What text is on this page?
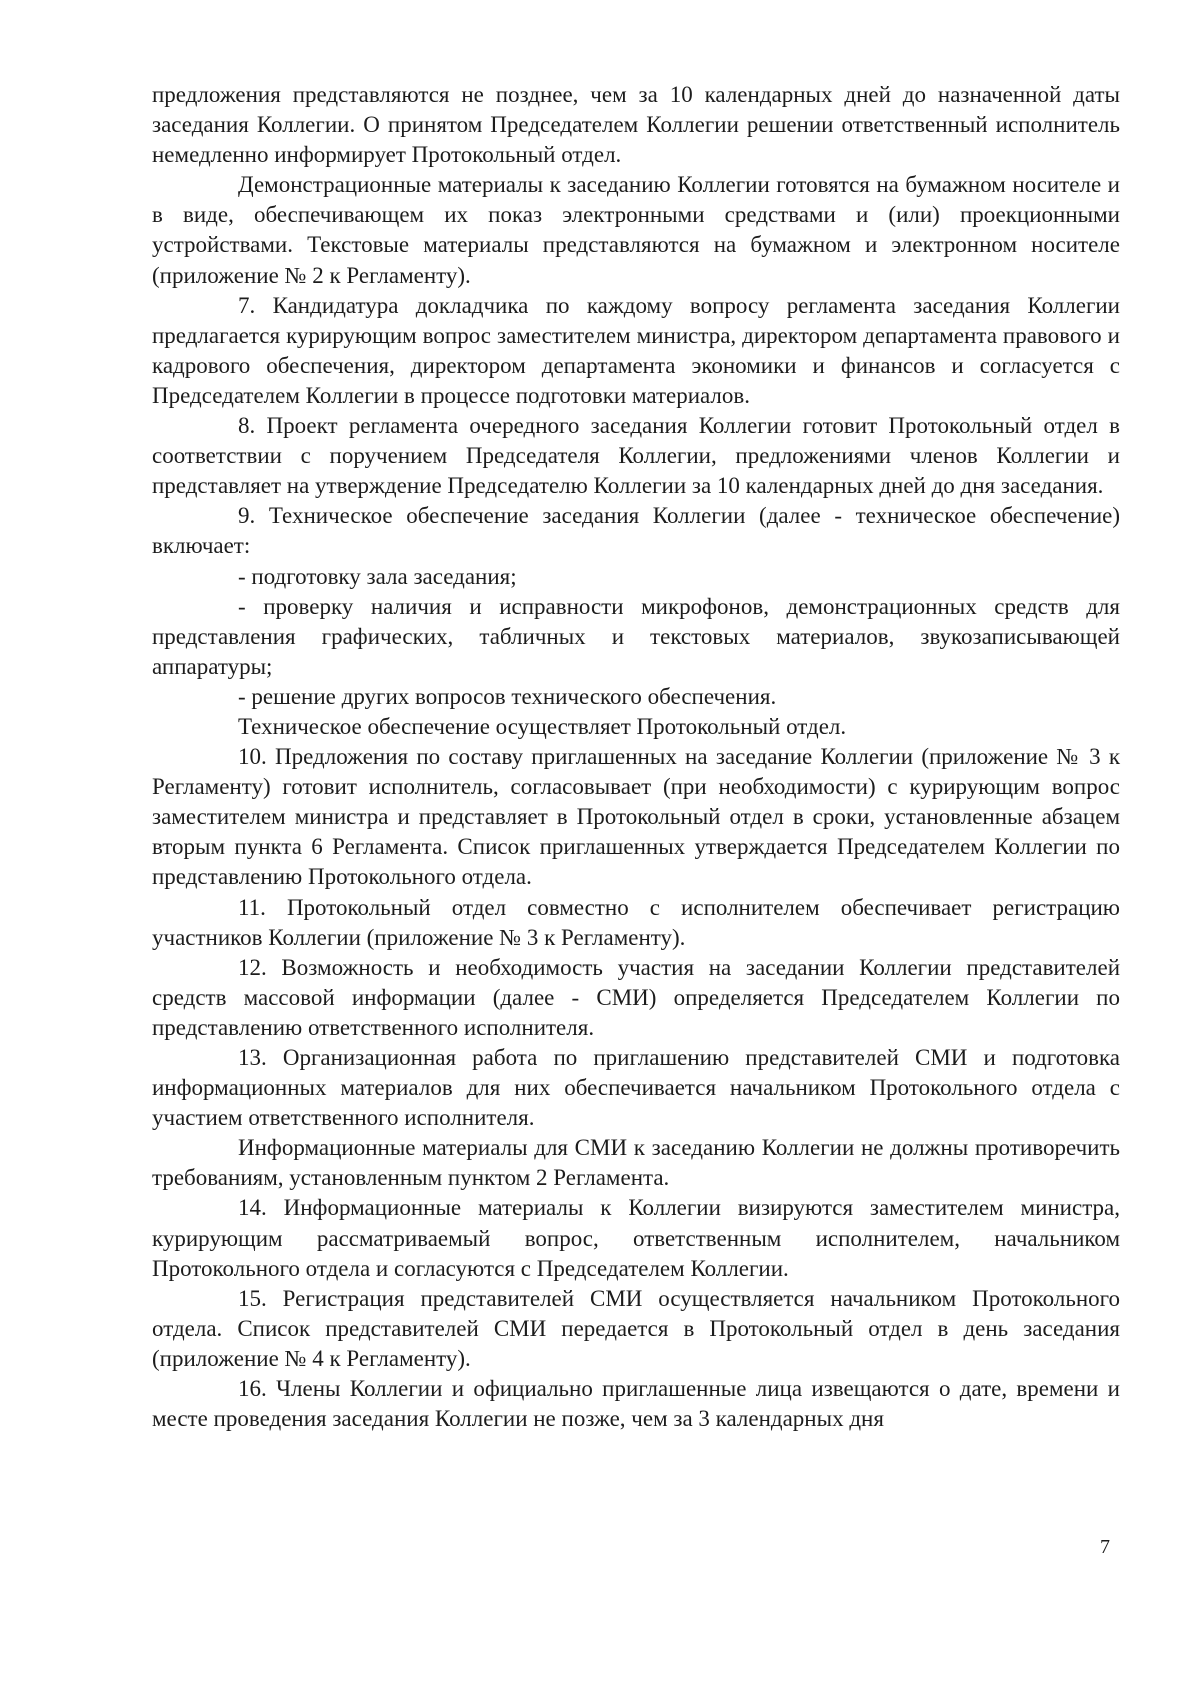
предложения представляются не позднее, чем за 10 календарных дней до назначенной даты заседания Коллегии. О принятом Председателем Коллегии решении ответственный исполнитель немедленно информирует Протокольный отдел.

Демонстрационные материалы к заседанию Коллегии готовятся на бумажном носителе и в виде, обеспечивающем их показ электронными средствами и (или) проекционными устройствами. Текстовые материалы представляются на бумажном и электронном носителе (приложение № 2 к Регламенту).

7. Кандидатура докладчика по каждому вопросу регламента заседания Коллегии предлагается курирующим вопрос заместителем министра, директором департамента правового и кадрового обеспечения, директором департамента экономики и финансов и согласуется с Председателем Коллегии в процессе подготовки материалов.

8. Проект регламента очередного заседания Коллегии готовит Протокольный отдел в соответствии с поручением Председателя Коллегии, предложениями членов Коллегии и представляет на утверждение Председателю Коллегии за 10 календарных дней до дня заседания.

9. Техническое обеспечение заседания Коллегии (далее - техническое обеспечение) включает:

- подготовку зала заседания;

- проверку наличия и исправности микрофонов, демонстрационных средств для представления графических, табличных и текстовых материалов, звукозаписывающей аппаратуры;

- решение других вопросов технического обеспечения.

Техническое обеспечение осуществляет Протокольный отдел.

10. Предложения по составу приглашенных на заседание Коллегии (приложение № 3 к Регламенту) готовит исполнитель, согласовывает (при необходимости) с курирующим вопрос заместителем министра и представляет в Протокольный отдел в сроки, установленные абзацем вторым пункта 6 Регламента. Список приглашенных утверждается Председателем Коллегии по представлению Протокольного отдела.

11. Протокольный отдел совместно с исполнителем обеспечивает регистрацию участников Коллегии (приложение № 3 к Регламенту).

12. Возможность и необходимость участия на заседании Коллегии представителей средств массовой информации (далее - СМИ) определяется Председателем Коллегии по представлению ответственного исполнителя.

13. Организационная работа по приглашению представителей СМИ и подготовка информационных материалов для них обеспечивается начальником Протокольного отдела с участием ответственного исполнителя.

Информационные материалы для СМИ к заседанию Коллегии не должны противоречить требованиям, установленным пунктом 2 Регламента.

14. Информационные материалы к Коллегии визируются заместителем министра, курирующим рассматриваемый вопрос, ответственным исполнителем, начальником Протокольного отдела и согласуются с Председателем Коллегии.

15. Регистрация представителей СМИ осуществляется начальником Протокольного отдела. Список представителей СМИ передается в Протокольный отдел в день заседания (приложение № 4 к Регламенту).

16. Члены Коллегии и официально приглашенные лица извещаются о дате, времени и месте проведения заседания Коллегии не позже, чем за 3 календарных дня

7
